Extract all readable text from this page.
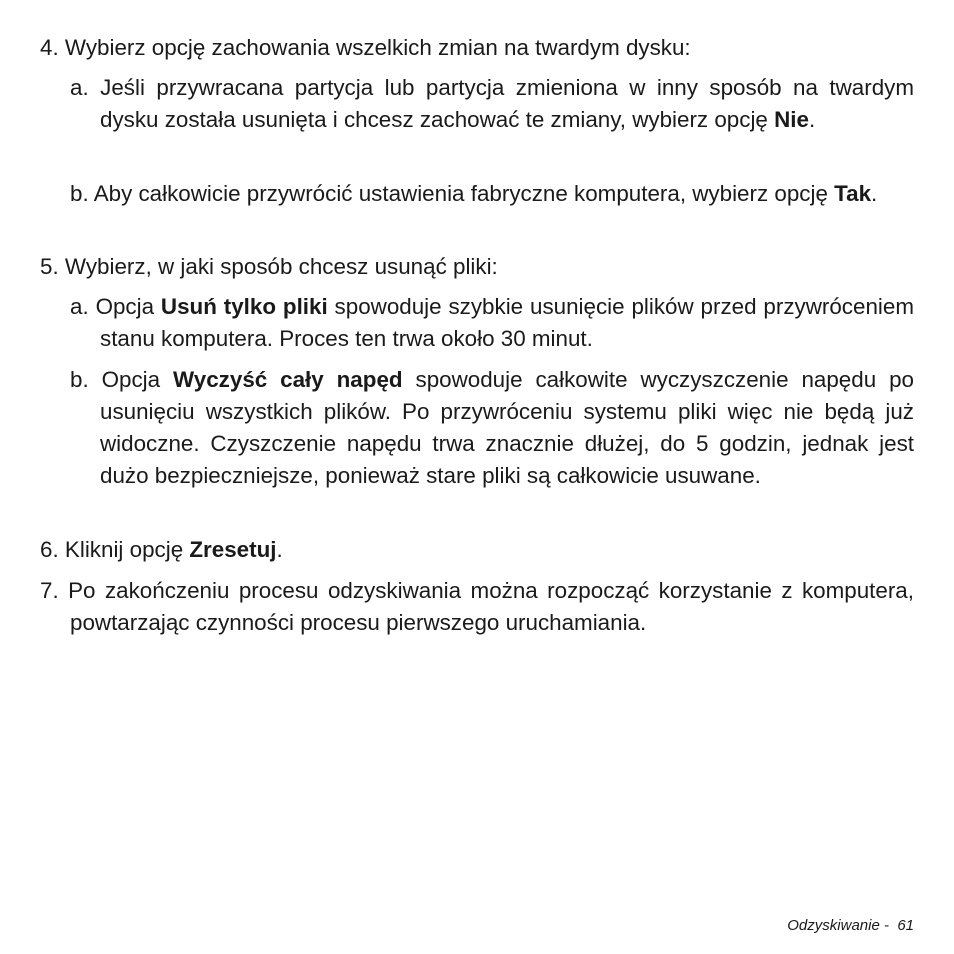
4. Wybierz opcję zachowania wszelkich zmian na twardym dysku:
a. Jeśli przywracana partycja lub partycja zmieniona w inny sposób na twardym dysku została usunięta i chcesz zachować te zmiany, wybierz opcję Nie.
b. Aby całkowicie przywrócić ustawienia fabryczne komputera, wybierz opcję Tak.
5. Wybierz, w jaki sposób chcesz usunąć pliki:
a. Opcja Usuń tylko pliki spowoduje szybkie usunięcie plików przed przywróceniem stanu komputera. Proces ten trwa około 30 minut.
b. Opcja Wyczyść cały napęd spowoduje całkowite wyczyszczenie napędu po usunięciu wszystkich plików. Po przywróceniu systemu pliki więc nie będą już widoczne. Czyszczenie napędu trwa znacznie dłużej, do 5 godzin, jednak jest dużo bezpieczniejsze, ponieważ stare pliki są całkowicie usuwane.
6. Kliknij opcję Zresetuj.
7. Po zakończeniu procesu odzyskiwania można rozpocząć korzystanie z komputera, powtarzając czynności procesu pierwszego uruchamiania.
Odzyskiwanie - 61
